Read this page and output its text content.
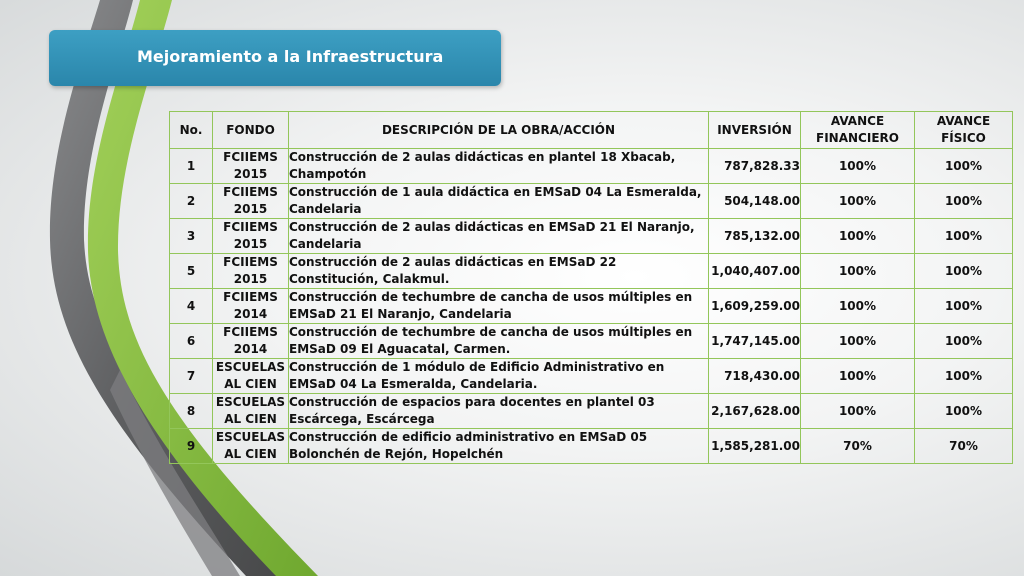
Mejoramiento a la Infraestructura
No.	FONDO	DESCRIPCIÓN DE LA OBRA/ACCIÓN	INVERSIÓN	AVANCE FINANCIERO	AVANCE FÍSICO
1	FCIIEMS 2015	Construcción de 2 aulas didácticas en plantel 18 Xbacab, Champotón	787,828.33	100%	100%
2	FCIIEMS 2015	Construcción de 1 aula didáctica en EMSaD 04 La Esmeralda, Candelaria	504,148.00	100%	100%
3	FCIIEMS 2015	Construcción de 2 aulas didácticas en EMSaD 21 El Naranjo, Candelaria	785,132.00	100%	100%
5	FCIIEMS 2015	Construcción de 2 aulas didácticas en EMSaD 22 Constitución, Calakmul.	1,040,407.00	100%	100%
4	FCIIEMS 2014	Construcción de techumbre de cancha de usos múltiples en EMSaD 21 El Naranjo, Candelaria	1,609,259.00	100%	100%
6	FCIIEMS 2014	Construcción de techumbre de cancha de usos múltiples en EMSaD 09 El Aguacatal, Carmen.	1,747,145.00	100%	100%
7	ESCUELAS AL CIEN	Construcción de 1 módulo de Edificio Administrativo en EMSaD 04 La Esmeralda, Candelaria.	718,430.00	100%	100%
8	ESCUELAS AL CIEN	Construcción de espacios para docentes en plantel 03 Escárcega, Escárcega	2,167,628.00	100%	100%
9	ESCUELAS AL CIEN	Construcción de edificio administrativo en EMSaD 05 Bolonchén de Rejón, Hopelchén	1,585,281.00	70%	70%
